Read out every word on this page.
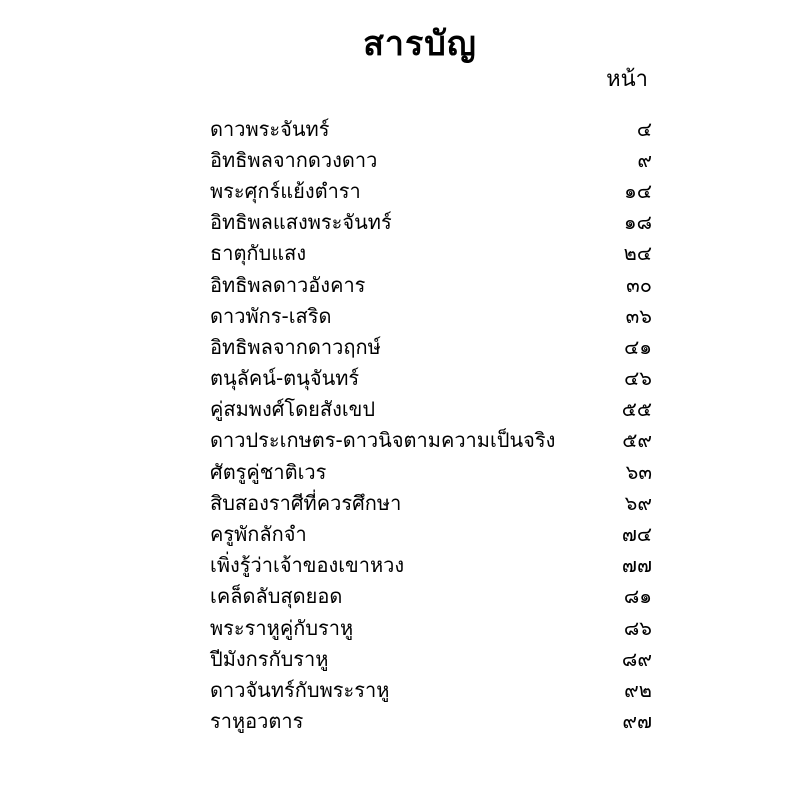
สารบัญ
หน้า
ดาวพระจันทร์	๔
อิทธิพลจากดวงดาว	๙
พระศุกร์แย้งตำรา	๑๔
อิทธิพลแสงพระจันทร์	๑๘
ธาตุกับแสง	๒๔
อิทธิพลดาวอังคาร	๓๐
ดาวพักร-เสริด	๓๖
อิทธิพลจากดาวฤกษ์	๔๑
ตนุลัคน์-ตนุจันทร์	๔๖
คู่สมพงศ์โดยสังเขป	๕๕
ดาวประเกษตร-ดาวนิจตามความเป็นจริง	๕๙
ศัตรูคู่ชาติเวร	๖๓
สิบสองราศีที่ควรศึกษา	๖๙
ครูพักลักจำ	๗๔
เพิ่งรู้ว่าเจ้าของเขาหวง	๗๗
เคล็ดลับสุดยอด	๘๑
พระราหูคู่กับราหู	๘๖
ปีมังกรกับราหู	๘๙
ดาวจันทร์กับพระราหู	๙๒
ราหูอวตาร	๙๗
